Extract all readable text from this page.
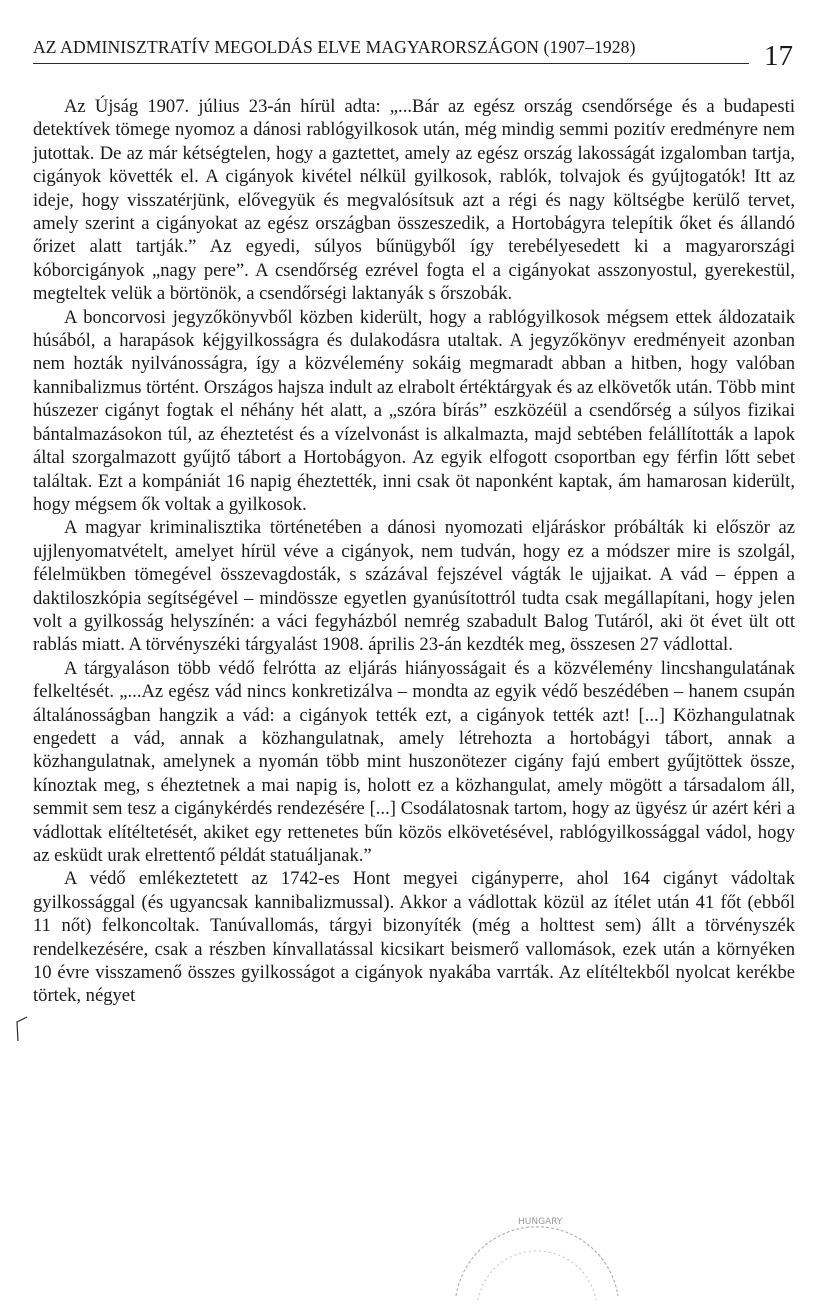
AZ ADMINISZTRATÍV MEGOLDÁS ELVE MAGYARORSZÁGON (1907–1928)	17

Az Újság 1907. július 23-án hírül adta: „...Bár az egész ország csendőrsége és a budapesti detektívek tömege nyomoz a dánosi rablógyilkosok után, még mindig semmi pozitív eredményre nem jutottak. De az már kétségtelen, hogy a gaztettet, amely az egész ország lakosságát izgalomban tartja, cigányok követték el. A cigányok kivétel nélkül gyilkosok, rablók, tolvajok és gyújtogatók! Itt az ideje, hogy visszatérjünk, elővegyük és megvalósítsuk azt a régi és nagy költségbe kerülő tervet, amely szerint a cigányokat az egész országban összeszedik, a Hortobágyra telepítik őket és állandó őrizet alatt tartják.” Az egyedi, súlyos bűnügyből így terebélyesedett ki a magyarországi kóborcigányok „nagy pere”. A csendőrség ezrével fogta el a cigányokat asszonyostul, gyerekestül, megteltek velük a börtönök, a csendőrségi laktanyák s őrszobák.

A boncorvosi jegyzőkönyvből közben kiderült, hogy a rablógyilkosok mégsem ettek áldozataik húsából, a harapások kéjgyilkosságra és dulakodásra utaltak. A jegyzőkönyv eredményeit azonban nem hozták nyilvánosságra, így a közvélemény sokáig megmaradt abban a hitben, hogy valóban kannibalizmus történt. Országos hajsza indult az elrabolt értéktárgyak és az elkövetők után. Több mint húszezer cigányt fogtak el néhány hét alatt, a „szóra bírás” eszközéül a csendőrség a súlyos fizikai bántalmazásokon túl, az éheztetést és a vízelvonást is alkalmazta, majd sebtében felállították a lapok által szorgalmazott gyűjtő tábort a Hortobágyon. Az egyik elfogott csoportban egy férfin lőtt sebet találtak. Ezt a kompániát 16 napig éheztették, inni csak öt naponként kaptak, ám hamarosan kiderült, hogy mégsem ők voltak a gyilkosok.

A magyar kriminalisztika történetében a dánosi nyomozati eljáráskor próbálták ki először az ujjlenyomatvételt, amelyet hírül véve a cigányok, nem tudván, hogy ez a módszer mire is szolgál, félelmükben tömegével összevagdosták, s százával fejszével vágták le ujjaikat. A vád – éppen a daktiloszkópia segítségével – mindössze egyetlen gyanúsítottról tudta csak megállapítani, hogy jelen volt a gyilkosság helyszínén: a váci fegyházból nemrég szabadult Balog Tutáról, aki öt évet ült ott rablás miatt. A törvényszéki tárgyalást 1908. április 23-án kezdték meg, összesen 27 vádlottal.

A tárgyaláson több védő felrótta az eljárás hiányosságait és a közvélemény lincshangulatának felkeltését. „...Az egész vád nincs konkretizálva – mondta az egyik védő beszédében – hanem csupán általánosságban hangzik a vád: a cigányok tették ezt, a cigányok tették azt! [...] Közhangulatnak engedett a vád, annak a közhangulatnak, amely létrehozta a hortobágyi tábort, annak a közhangulatnak, amelynek a nyomán több mint huszonötezer cigány fajú embert gyűjtöttek össze, kínoztak meg, s éheztetnek a mai napig is, holott ez a közhangulat, amely mögött a társadalom áll, semmit sem tesz a cigánykérdés rendezésére [...] Csodálatosnak tartom, hogy az ügyész úr azért kéri a vádlottak elítéltetését, akiket egy rettenetes bűn közös elkövetésével, rablógyilkossággal vádol, hogy az esküdt urak elrettentő példát statuáljanak.”

A védő emlékeztetett az 1742-es Hont megyei cigányperre, ahol 164 cigányt vádoltak gyilkossággal (és ugyancsak kannibalizmussal). Akkor a vádlottak közül az ítélet után 41 főt (ebből 11 nőt) felkoncoltak. Tanúvallomás, tárgyi bizonyíték (még a holttest sem) állt a törvényszék rendelkezésére, csak a részben kínvallatással kicsikart beismerő vallomások, ezek után a környéken 10 évre visszamenő összes gyilkosságot a cigányok nyakába varrták. Az elítéltekből nyolcat kerékbe törtek, négyet

HUNGARY
